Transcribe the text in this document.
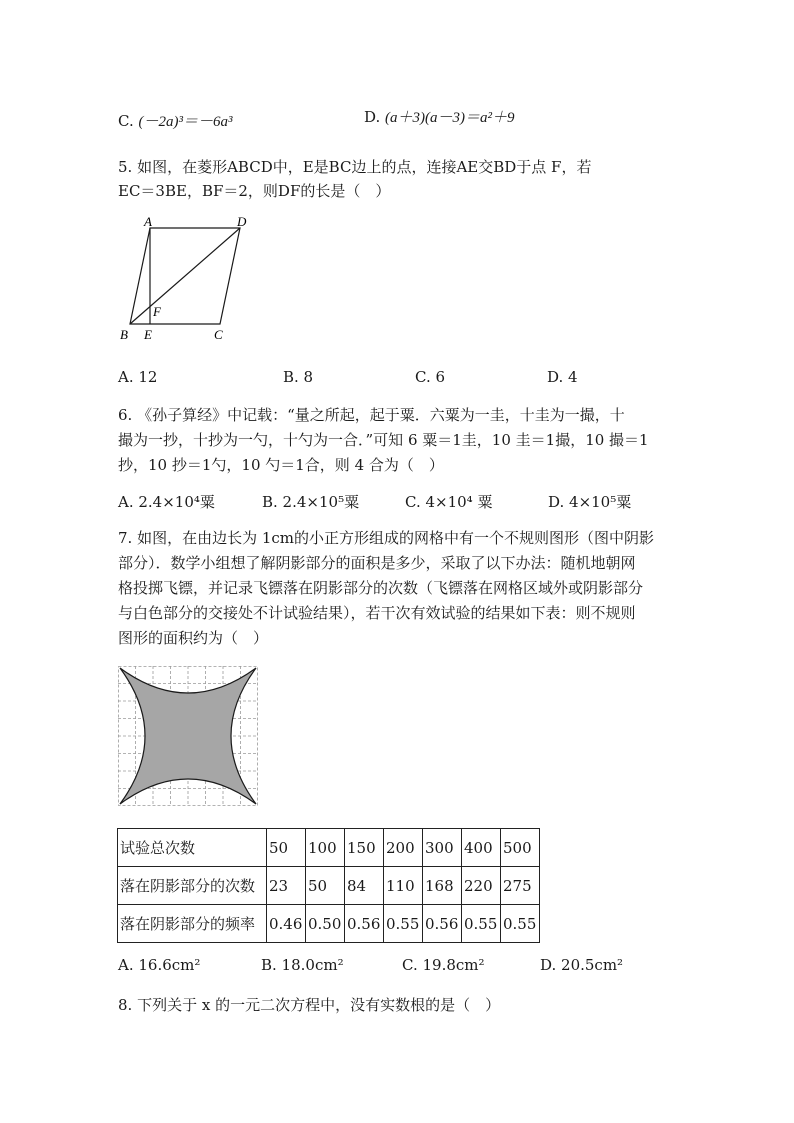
C. (－2a)³＝－6a³	D. (a＋3)(a－3)＝a²＋9
5. 如图，在菱形ABCD中，E是BC边上的点，连接AE交BD于点 F，若
EC＝3BE，BF＝2，则DF的长是（　）
A	D
F
B E	C
A. 12	B. 8	C. 6	D. 4
6. 《孙子算经》中记载：“量之所起，起于粟．六粟为一圭，十圭为一撮，十
撮为一抄，十抄为一勺，十勺为一合．”可知 6 粟＝1圭，10 圭＝1撮，10 撮＝1
抄，10 抄＝1勺，10 勺＝1合，则 4 合为（　）
A. 2.4×10⁴粟	B. 2.4×10⁵粟	C. 4×10⁴ 粟	D. 4×10⁵粟
7. 如图，在由边长为 1cm的小正方形组成的网格中有一个不规则图形（图中阴影
部分）．数学小组想了解阴影部分的面积是多少，采取了以下办法：随机地朝网
格投掷飞镖，并记录飞镖落在阴影部分的次数（飞镖落在网格区域外或阴影部分
与白色部分的交接处不计试验结果），若干次有效试验的结果如下表：则不规则
图形的面积约为（　）
试验总次数	50	100	150	200	300	400	500
落在阴影部分的次数	23	50	84	110	168	220	275
落在阴影部分的频率	0.46	0.50	0.56	0.55	0.56	0.55	0.55
A. 16.6cm²	B. 18.0cm²	C. 19.8cm²	D. 20.5cm²
8. 下列关于 x 的一元二次方程中，没有实数根的是（　）
